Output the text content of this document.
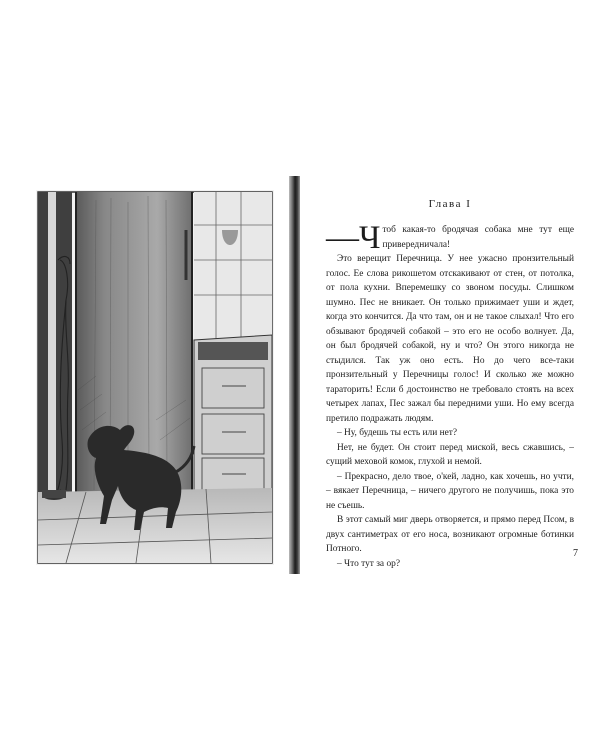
Глава I

—Ч тоб какая-то бродячая собака мне тут еще привередничала!

Это верещит Перечница. У нее ужасно пронзительный голос. Ее слова рикошетом отскакивают от стен, от потолка, от пола кухни. Вперемешку со звоном посуды. Слишком шумно. Пес не вникает. Он только прижимает уши и ждет, когда это кончится. Да что там, он и не такое слыхал! Что его обзывают бродячей собакой – это его не особо волнует. Да, он был бродячей собакой, ну и что? Он этого никогда не стыдился. Так уж оно есть. Но до чего все-таки пронзительный у Перечницы голос! И сколько же можно тараторить! Если б достоинство не требовало стоять на всех четырех лапах, Пес зажал бы передними уши. Но ему всегда претило подражать людям.

– Ну, будешь ты есть или нет?

Нет, не будет. Он стоит перед миской, весь сжавшись, – сущий меховой комок, глухой и немой.

– Прекрасно, дело твое, о'кей, ладно, как хочешь, но учти, – вякает Перечница, – ничего другого не получишь, пока это не съешь.

В этот самый миг дверь отворяется, и прямо перед Псом, в двух сантиметрах от его носа, возникают огромные ботинки Потного.

– Что тут за ор?

7
